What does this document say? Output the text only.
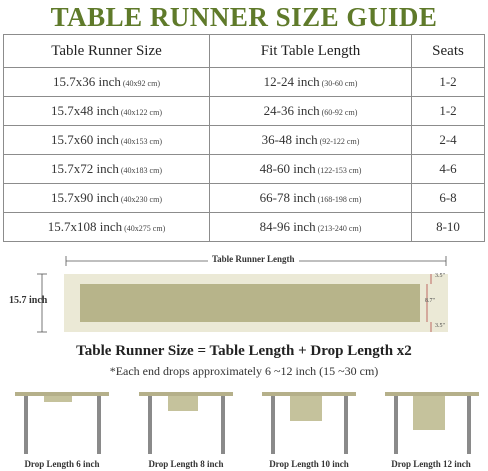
TABLE RUNNER SIZE GUIDE
Table Runner Size	Fit Table Length	Seats
15.7x36 inch (40x92 cm)	12-24 inch (30-60 cm)	1-2
15.7x48 inch (40x122 cm)	24-36 inch (60-92 cm)	1-2
15.7x60 inch (40x153 cm)	36-48 inch (92-122 cm)	2-4
15.7x72 inch (40x183 cm)	48-60 inch (122-153 cm)	4-6
15.7x90 inch (40x230 cm)	66-78 inch (168-198 cm)	6-8
15.7x108 inch (40x275 cm)	84-96 inch (213-240 cm)	8-10
Table Runner Length
15.7 inch
3.5"
8.7"
3.5"
Table Runner Size = Table Length + Drop Length x2
*Each end drops approximately 6 ~12 inch (15 ~30 cm)
Drop Length 6 inch	Drop Length 8 inch	Drop Length 10 inch	Drop Length 12 inch
